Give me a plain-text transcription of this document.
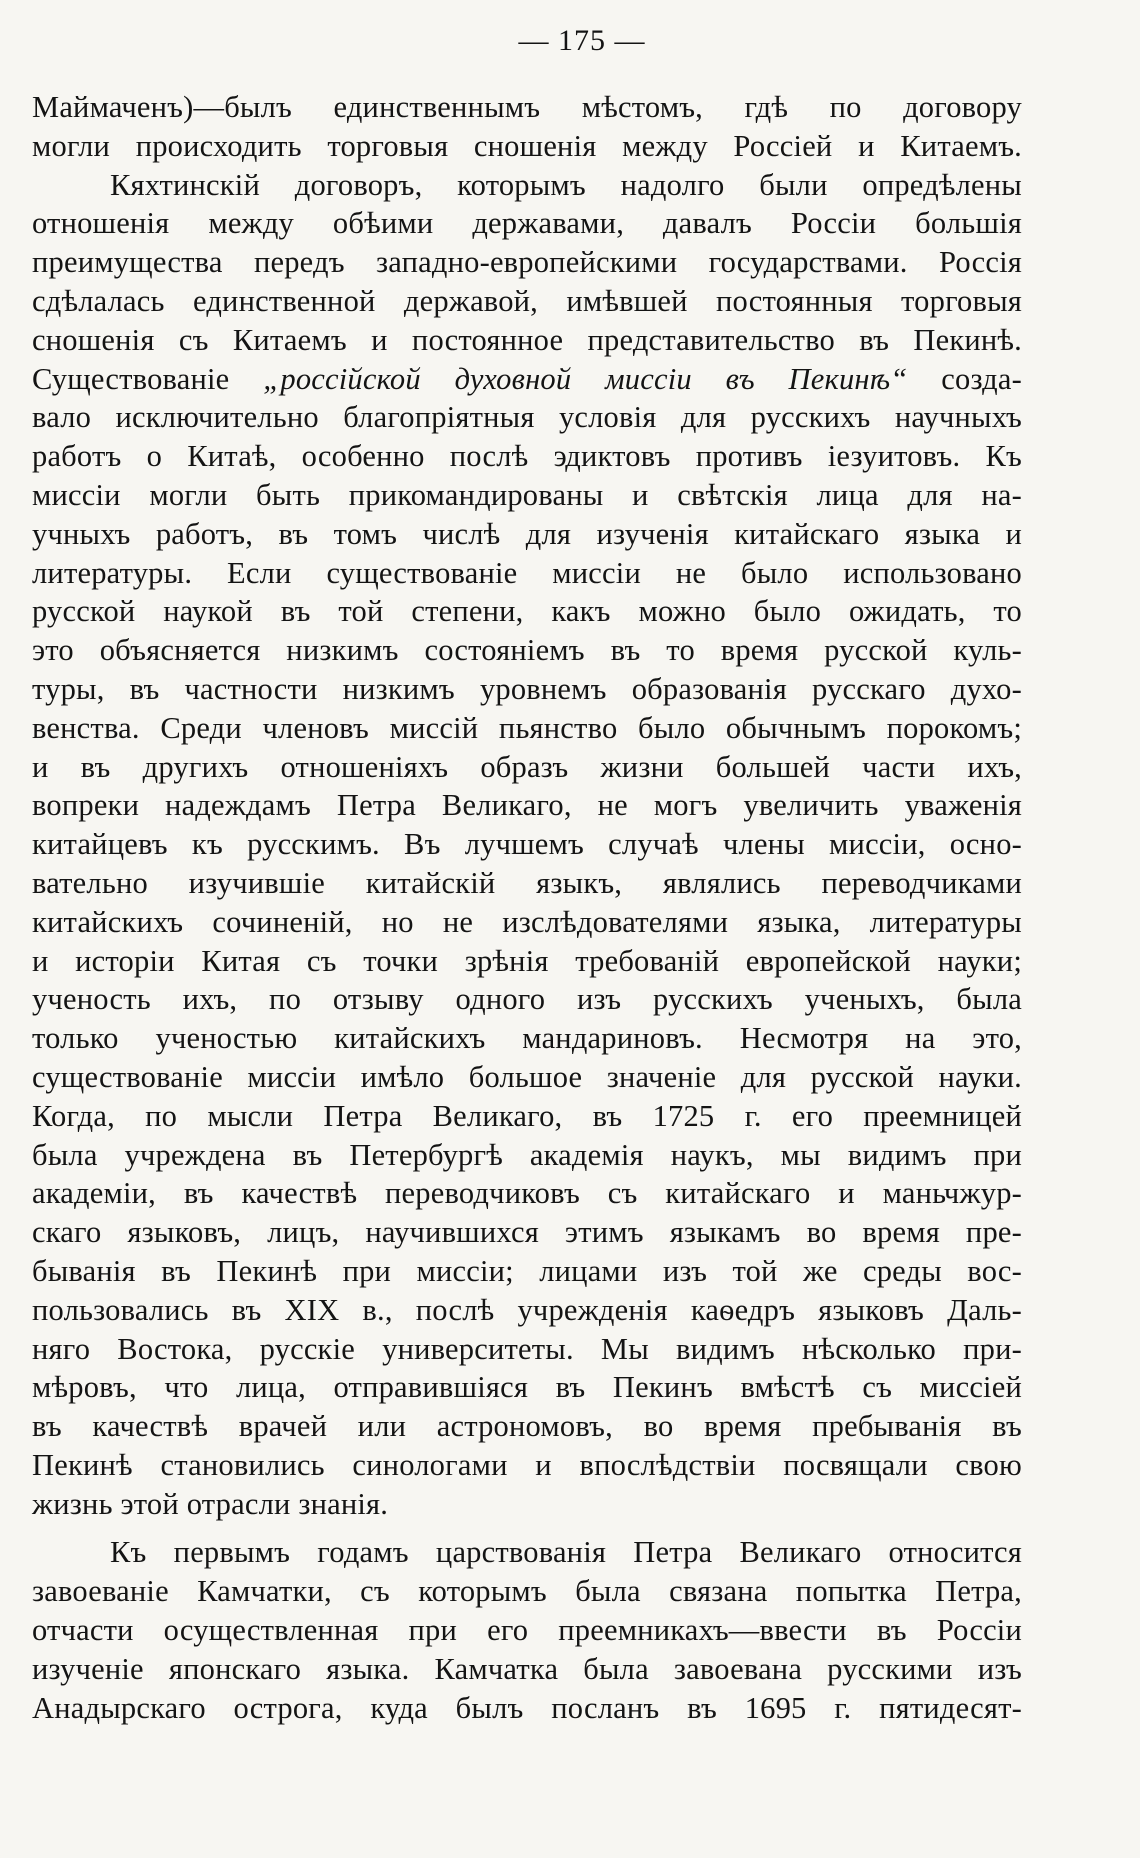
— 175 —
Маймаченъ)—былъ единственнымъ мѣстомъ, гдѣ по договору
могли происходить торговыя сношенія между Россіей и Китаемъ.
Кяхтинскій договоръ, которымъ надолго были опредѣлены
отношенія между обѣими державами, давалъ Россіи большія
преимущества передъ западно-европейскими государствами. Россія
сдѣлалась единственной державой, имѣвшей постоянныя торговыя
сношенія съ Китаемъ и постоянное представительство въ Пекинѣ.
Существованіе „россійской духовной миссіи въ Пекинѣ“ созда-
вало исключительно благопріятныя условія для русскихъ научныхъ
работъ о Китаѣ, особенно послѣ эдиктовъ противъ іезуитовъ. Къ
миссіи могли быть прикомандированы и свѣтскія лица для на-
учныхъ работъ, въ томъ числѣ для изученія китайскаго языка и
литературы. Если существованіе миссіи не было использовано
русской наукой въ той степени, какъ можно было ожидать, то
это объясняется низкимъ состояніемъ въ то время русской куль-
туры, въ частности низкимъ уровнемъ образованія русскаго духо-
венства. Среди членовъ миссій пьянство было обычнымъ порокомъ;
и въ другихъ отношеніяхъ образъ жизни большей части ихъ,
вопреки надеждамъ Петра Великаго, не могъ увеличить уваженія
китайцевъ къ русскимъ. Въ лучшемъ случаѣ члены миссіи, осно-
вательно изучившіе китайскій языкъ, являлись переводчиками
китайскихъ сочиненій, но не изслѣдователями языка, литературы
и исторіи Китая съ точки зрѣнія требованій европейской науки;
ученость ихъ, по отзыву одного изъ русскихъ ученыхъ, была
только ученостью китайскихъ мандариновъ. Несмотря на это,
существованіе миссіи имѣло большое значеніе для русской науки.
Когда, по мысли Петра Великаго, въ 1725 г. его преемницей
была учреждена въ Петербургѣ академія наукъ, мы видимъ при
академіи, въ качествѣ переводчиковъ съ китайскаго и маньчжур-
скаго языковъ, лицъ, научившихся этимъ языкамъ во время пре-
быванія въ Пекинѣ при миссіи; лицами изъ той же среды вос-
пользовались въ XIX в., послѣ учрежденія каѳедръ языковъ Даль-
няго Востока, русскіе университеты. Мы видимъ нѣсколько при-
мѣровъ, что лица, отправившіяся въ Пекинъ вмѣстѣ съ миссіей
въ качествѣ врачей или астрономовъ, во время пребыванія въ
Пекинѣ становились синологами и впослѣдствіи посвящали свою
жизнь этой отрасли знанія.
Къ первымъ годамъ царствованія Петра Великаго относится
завоеваніе Камчатки, съ которымъ была связана попытка Петра,
отчасти осуществленная при его преемникахъ—ввести въ Россіи
изученіе японскаго языка. Камчатка была завоевана русскими изъ
Анадырскаго острога, куда былъ посланъ въ 1695 г. пятидесят-
